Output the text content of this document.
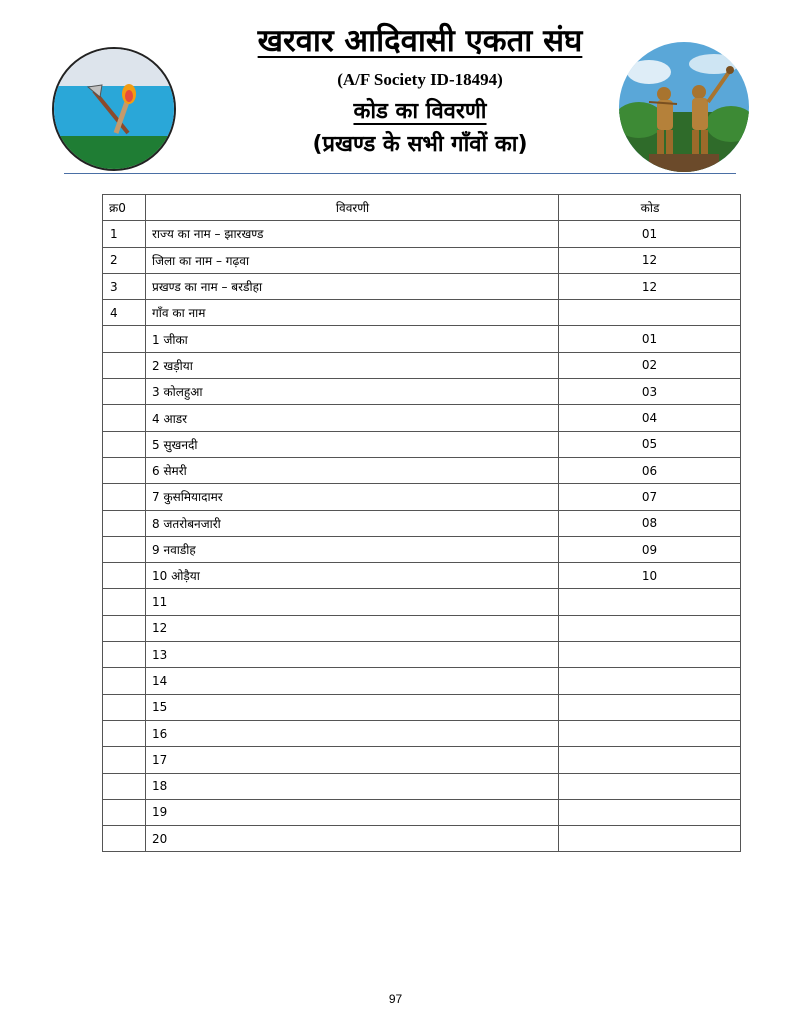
खरवार आदिवासी एकता संघ
(A/F Society ID-18494)
कोड का विवरणी
(प्रखण्ड के सभी गाँवों का)
क्र0	विवरणी	कोड
1	राज्य का नाम – झारखण्ड	01
2	जिला का नाम – गढ़वा	12
3	प्रखण्ड का नाम – बरडीहा	12
4	गाँव का नाम	
	1 जीका	01
	2 खड़ीया	02
	3 कोलहुआ	03
	4 आडर	04
	5 सुखनदी	05
	6 सेमरी	06
	7 कुसमियादामर	07
	8 जतरोबनजारी	08
	9 नवाडीह	09
	10 ओड़ैया	10
	11	
	12	
	13	
	14	
	15	
	16	
	17	
	18	
	19	
	20	
97
